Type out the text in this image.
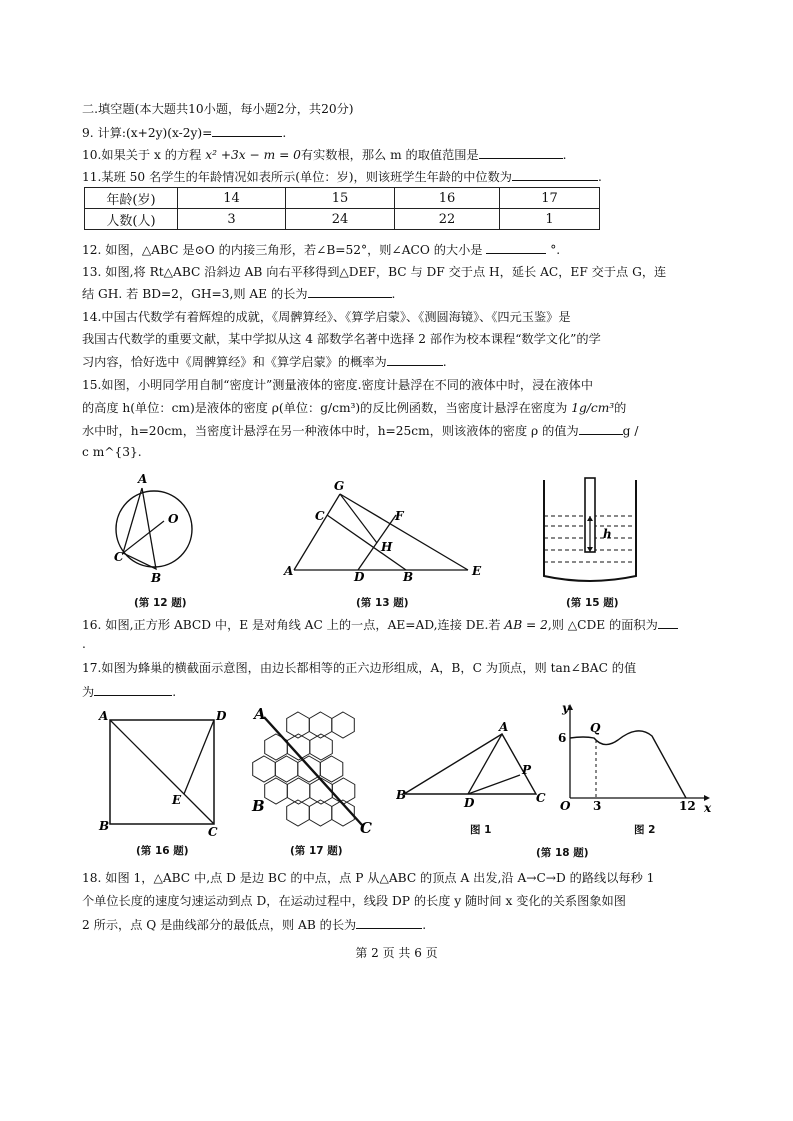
二.填空题(本大题共10小题，每小题2分，共20分)
9. 计算:(x+2y)(x-2y)=	.
10.如果关于 x 的方程 x² +3x − m = 0有实数根，那么 m 的取值范围是	.
11.某班 50 名学生的年龄情况如表所示(单位：岁)，则该班学生年龄的中位数为	.
年龄(岁)	14	15	16	17
人数(人)	3	24	22	1
12. 如图，△ABC 是⊙O 的内接三角形，若∠B=52°，则∠ACO 的大小是	°.
13. 如图,将 Rt△ABC 沿斜边 AB 向右平移得到△DEF，BC 与 DF 交于点 H，延长 AC，EF 交于点 G，连
结 GH. 若 BD=2，GH=3,则 AE 的长为	.
14.中国古代数学有着辉煌的成就，《周髀算经》、《算学启蒙》、《测圆海镜》、《四元玉鉴》是
我国古代数学的重要文献，某中学拟从这 4 部数学名著中选择 2 部作为校本课程“数学文化”的学
习内容，恰好选中《周髀算经》和《算学启蒙》的概率为	.
15.如图，小明同学用自制“密度计”测量液体的密度.密度计悬浮在不同的液体中时，浸在液体中
的高度 h(单位：cm)是液体的密度 ρ(单位：g/cm³)的反比例函数，当密度计悬浮在密度为 1g/cm³的
水中时，h=20cm，当密度计悬浮在另一种液体中时，h=25cm，则该液体的密度 ρ 的值为	g /
c m^{3}.
A
O
C
B
(第 12 题)
G
C	F
H
A	D	B	E
(第 13 题)
h
(第 15 题)
16. 如图,正方形 ABCD 中，E 是对角线 AC 上的一点，AE=AD,连接 DE.若 AB = 2,则 △CDE 的面积为
.
17.如图为蜂巢的横截面示意图，由边长都相等的正六边形组成，A，B，C 为顶点，则 tan∠BAC 的值
为	.
A	D
E
B	C
(第 16 题)
A
B
C
(第 17 题)
A
P
B
D	C
图 1
6
Q
O 3	12 x
y
图 2
(第 18 题)
18. 如图 1，△ABC 中,点 D 是边 BC 的中点，点 P 从△ABC 的顶点 A 出发,沿 A→C→D 的路线以每秒 1
个单位长度的速度匀速运动到点 D，在运动过程中，线段 DP 的长度 y 随时间 x 变化的关系图象如图
2 所示，点 Q 是曲线部分的最低点，则 AB 的长为	.
第 2 页 共 6 页
